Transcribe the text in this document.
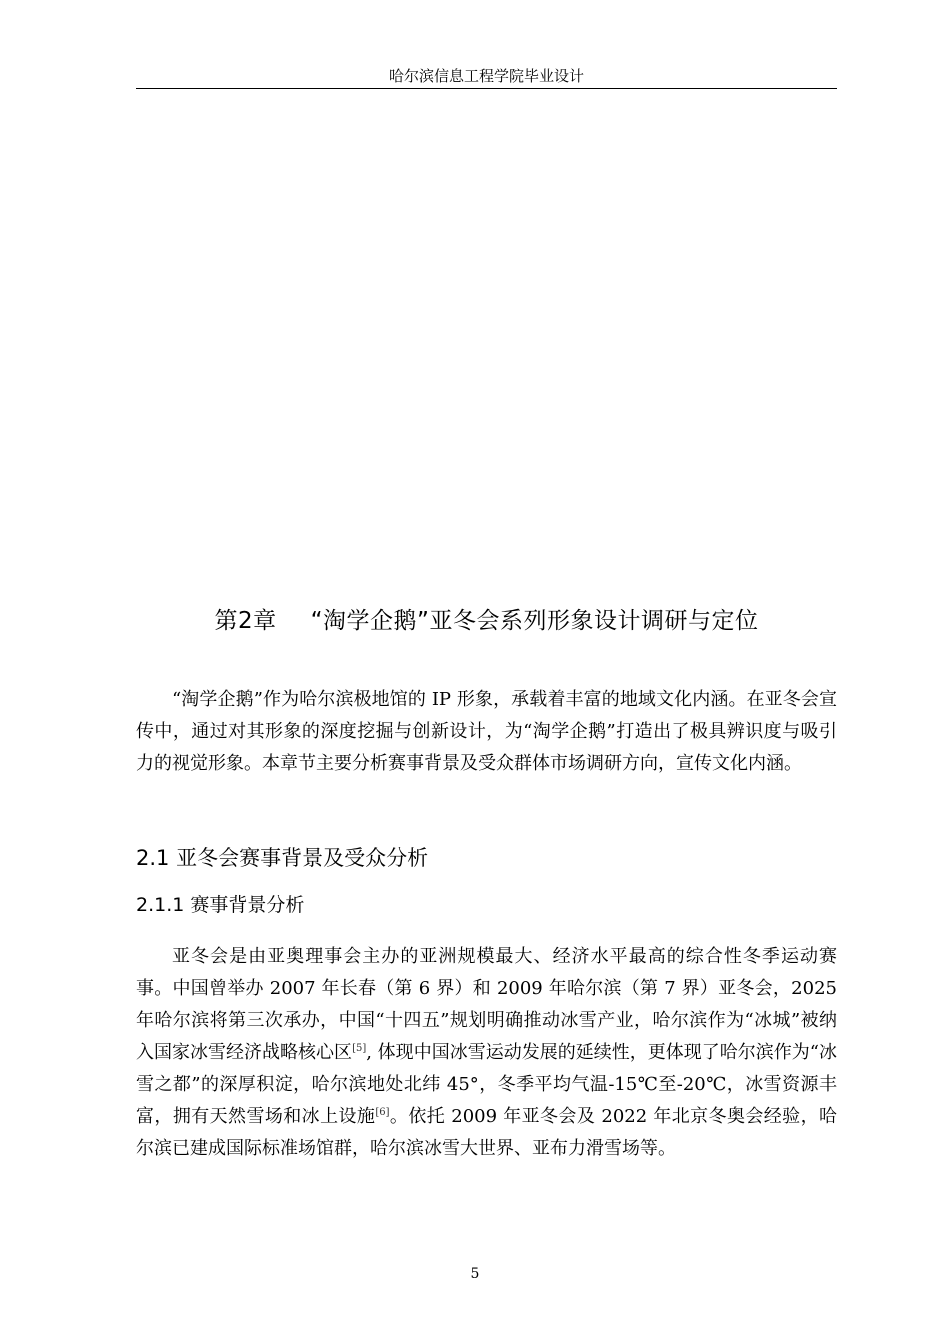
哈尔滨信息工程学院毕业设计
第2章 “淘学企鹅”亚冬会系列形象设计调研与定位

“淘学企鹅”作为哈尔滨极地馆的 IP 形象，承载着丰富的地域文化内涵。在亚冬会宣传中，通过对其形象的深度挖掘与创新设计，为“淘学企鹅”打造出了极具辨识度与吸引力的视觉形象。本章节主要分析赛事背景及受众群体市场调研方向，宣传文化内涵。

2.1 亚冬会赛事背景及受众分析
2.1.1 赛事背景分析

亚冬会是由亚奥理事会主办的亚洲规模最大、经济水平最高的综合性冬季运动赛事。中国曾举办 2007 年长春（第 6 界）和 2009 年哈尔滨（第 7 界）亚冬会，2025 年哈尔滨将第三次承办，中国“十四五”规划明确推动冰雪产业，哈尔滨作为“冰城”被纳入国家冰雪经济战略核心区[5], 体现中国冰雪运动发展的延续性，更体现了哈尔滨作为“冰雪之都”的深厚积淀，哈尔滨地处北纬 45°，冬季平均气温-15℃至-20℃，冰雪资源丰富，拥有天然雪场和冰上设施[6]。依托 2009 年亚冬会及 2022 年北京冬奥会经验，哈尔滨已建成国际标准场馆群，哈尔滨冰雪大世界、亚布力滑雪场等。

5
